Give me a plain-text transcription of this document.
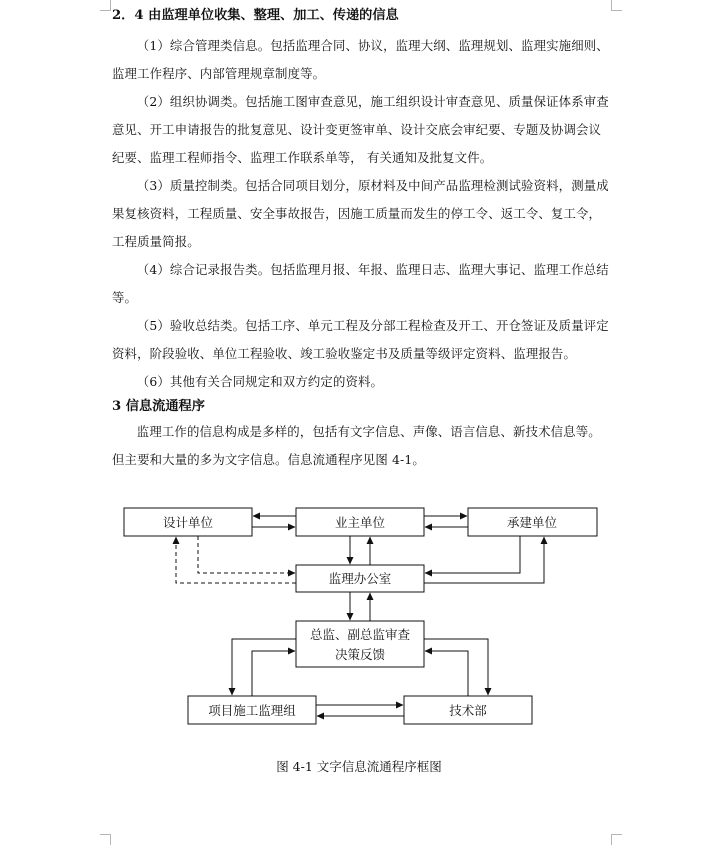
2．4 由监理单位收集、整理、加工、传递的信息

（1）综合管理类信息。包括监理合同、协议，监理大纲、监理规划、监理实施细则、监理工作程序、内部管理规章制度等。

（2）组织协调类。包括施工图审查意见，施工组织设计审查意见、质量保证体系审查意见、开工申请报告的批复意见、设计变更签审单、设计交底会审纪要、专题及协调会议纪要、监理工程师指令、监理工作联系单等， 有关通知及批复文件。

（3）质量控制类。包括合同项目划分，原材料及中间产品监理检测试验资料，测量成果复核资料，工程质量、安全事故报告，因施工质量而发生的停工令、返工令、复工令，工程质量简报。

（4）综合记录报告类。包括监理月报、年报、监理日志、监理大事记、监理工作总结等。

（5）验收总结类。包括工序、单元工程及分部工程检查及开工、开仓签证及质量评定资料，阶段验收、单位工程验收、竣工验收鉴定书及质量等级评定资料、监理报告。

（6）其他有关合同规定和双方约定的资料。

3 信息流通程序

监理工作的信息构成是多样的，包括有文字信息、声像、语言信息、新技术信息等。但主要和大量的多为文字信息。信息流通程序见图 4-1。

设计单位	业主单位	承建单位
监理办公室
总监、副总监审查
决策反馈
项目施工监理组	技术部
图 4-1 文字信息流通程序框图
